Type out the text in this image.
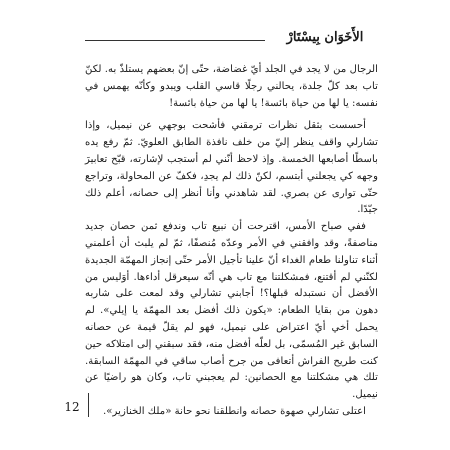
الأَخَوَان بِيسْتَارْ

الرجال من لا يجد في الجلد أيّ غضاضة، حتّى إنّ بعضهم يستلذّ به. لكنّ تاب بعد كلّ جلدة، يحالني رجلًا قاسي القلب ويبدو وكأنّه يهمس في نفسه: يا لها من حياة بائسة! يا لها من حياة بائسة!

أحسست بثقل نظرات ترمقني فأشحت بوجهي عن نيميل، وإذا تشارلي واقف ينظر إليّ من خلف نافذة الطابق العلويّ. ثمّ رفع يده باسطًا أصابعها الخمسة. وإذ لاحظ أنّني لم أستجب لإشارته، قبّح تعابيرَ وجهه كي يجعلني أبتسم، لكنّ ذلك لم يجدِ، فكفّ عن المحاولة، وتراجع حتّى توارى عن بصري. لقد شاهدني وأنا أنظر إلى حصانه، أعلم ذلك جيّدًا.

ففي صباح الأمس، اقترحت أن نبيع تاب وندفع ثمن حصان جديد مناصفةً، وقد وافقني في الأمر وعدّه مُنصفًا، ثمّ لم يلبث أن أعلمني أثناء تناولنا طعام الغداء أنّ علينا تأجيل الأمر حتّى إنجاز المهمّة الجديدة لكنّني لم أقتنع، فمشكلتنا مع تاب هي أنّه سيعرقل أداءها. أوَليس من الأفضل أن نستبدله قبلها؟! أجابني تشارلي وقد لمعت على شاربه دهون من بقايا الطعام: «يكون ذلك أفضل بعد المهمّة يا إيلي». لم يحمل أخي أيّ اعتراض على نيميل، فهو لم يقلّ قيمة عن حصانه السابق غير المُسمّى، بل لعلّه أفضل منه، فقد سبقني إلى امتلاكه حين كنت طريح الفراش أتعافى من جرح أصاب ساقي في المهمّة السابقة. تلك هي مشكلتنا مع الحصانين: لم يعجبني تاب، وكان هو راضيًا عن نيميل.

اعتلى تشارلي صهوة حصانه وانطلقنا نحو حانة «ملك الخنازير».

12
